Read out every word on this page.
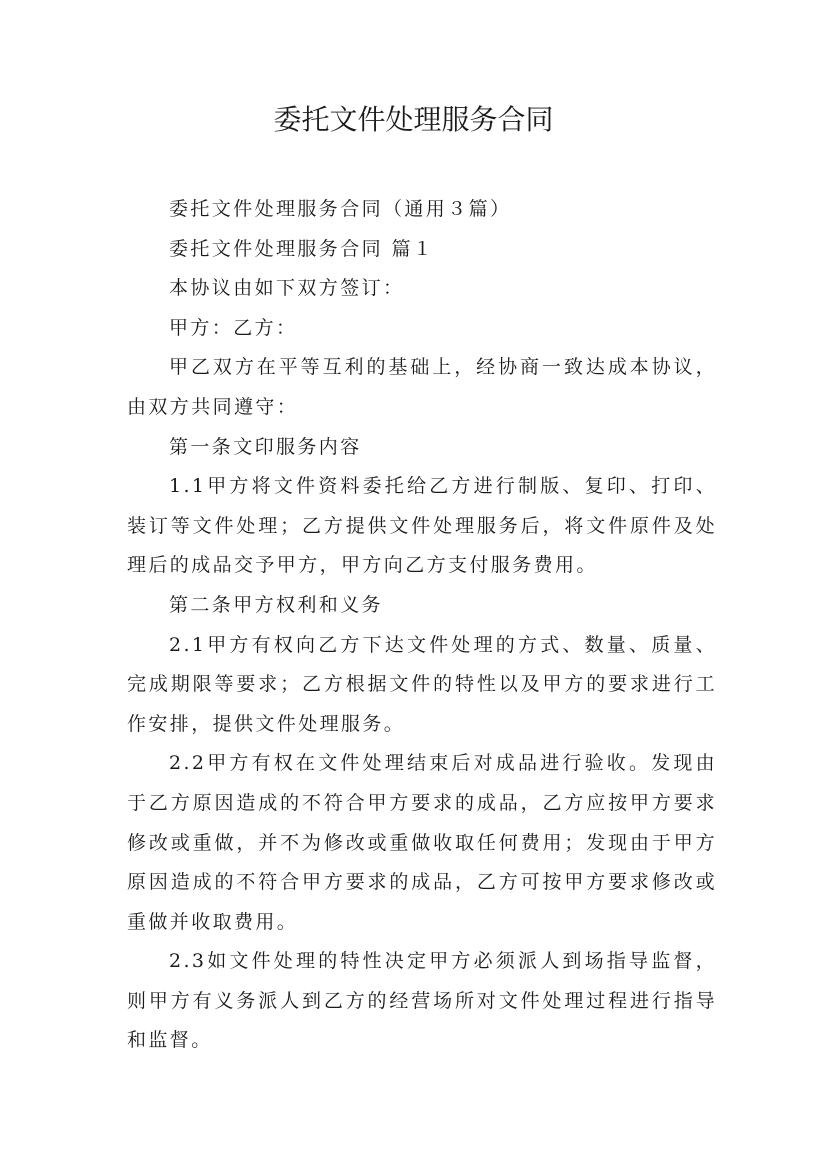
委托文件处理服务合同

委托文件处理服务合同（通用３篇）

委托文件处理服务合同 篇１

本协议由如下双方签订：

甲方：乙方：

甲乙双方在平等互利的基础上，经协商一致达成本协议，由双方共同遵守：

第一条文印服务内容

1.1甲方将文件资料委托给乙方进行制版、复印、打印、装订等文件处理；乙方提供文件处理服务后，将文件原件及处理后的成品交予甲方，甲方向乙方支付服务费用。

第二条甲方权利和义务

2.1甲方有权向乙方下达文件处理的方式、数量、质量、完成期限等要求；乙方根据文件的特性以及甲方的要求进行工作安排，提供文件处理服务。

2.2甲方有权在文件处理结束后对成品进行验收。发现由于乙方原因造成的不符合甲方要求的成品，乙方应按甲方要求修改或重做，并不为修改或重做收取任何费用；发现由于甲方原因造成的不符合甲方要求的成品，乙方可按甲方要求修改或重做并收取费用。

2.3如文件处理的特性决定甲方必须派人到场指导监督，则甲方有义务派人到乙方的经营场所对文件处理过程进行指导和监督。
